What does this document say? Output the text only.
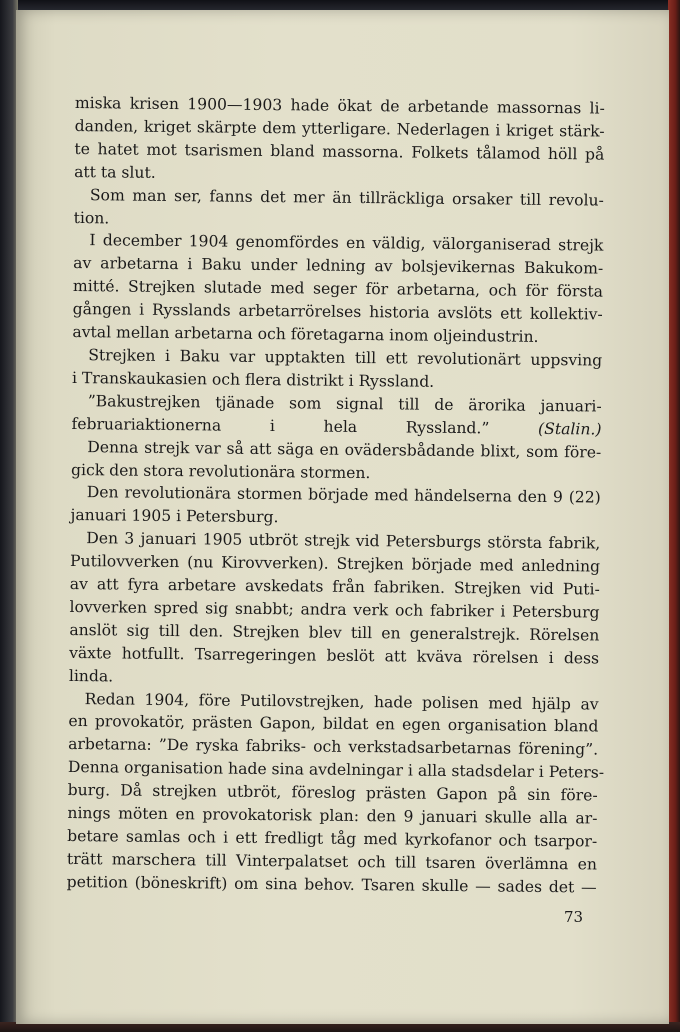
miska krisen 1900—1903 hade ökat de arbetande massornas li-
danden, kriget skärpte dem ytterligare. Nederlagen i kriget stärk-
te hatet mot tsarismen bland massorna. Folkets tålamod höll på
att ta slut.
Som man ser, fanns det mer än tillräckliga orsaker till revolu-
tion.
I december 1904 genomfördes en väldig, välorganiserad strejk
av arbetarna i Baku under ledning av bolsjevikernas Bakukom-
mitté. Strejken slutade med seger för arbetarna, och för första
gången i Rysslands arbetarrörelses historia avslöts ett kollektiv-
avtal mellan arbetarna och företagarna inom oljeindustrin.
Strejken i Baku var upptakten till ett revolutionärt uppsving
i Transkaukasien och flera distrikt i Ryssland.
”Bakustrejken tjänade som signal till de ärorika januari-
februariaktionerna i hela Ryssland.”	(Stalin.)
Denna strejk var så att säga en ovädersbådande blixt, som före-
gick den stora revolutionära stormen.
Den revolutionära stormen började med händelserna den 9 (22)
januari 1905 i Petersburg.
Den 3 januari 1905 utbröt strejk vid Petersburgs största fabrik,
Putilovverken (nu Kirovverken). Strejken började med anledning
av att fyra arbetare avskedats från fabriken. Strejken vid Puti-
lovverken spred sig snabbt; andra verk och fabriker i Petersburg
anslöt sig till den. Strejken blev till en generalstrejk. Rörelsen
växte hotfullt. Tsarregeringen beslöt att kväva rörelsen i dess
linda.
Redan 1904, före Putilovstrejken, hade polisen med hjälp av
en provokatör, prästen Gapon, bildat en egen organisation bland
arbetarna: ”De ryska fabriks- och verkstadsarbetarnas förening”.
Denna organisation hade sina avdelningar i alla stadsdelar i Peters-
burg. Då strejken utbröt, föreslog prästen Gapon på sin före-
nings möten en provokatorisk plan: den 9 januari skulle alla ar-
betare samlas och i ett fredligt tåg med kyrkofanor och tsarpor-
trätt marschera till Vinterpalatset och till tsaren överlämna en
petition (böneskrift) om sina behov. Tsaren skulle — sades det —
73
